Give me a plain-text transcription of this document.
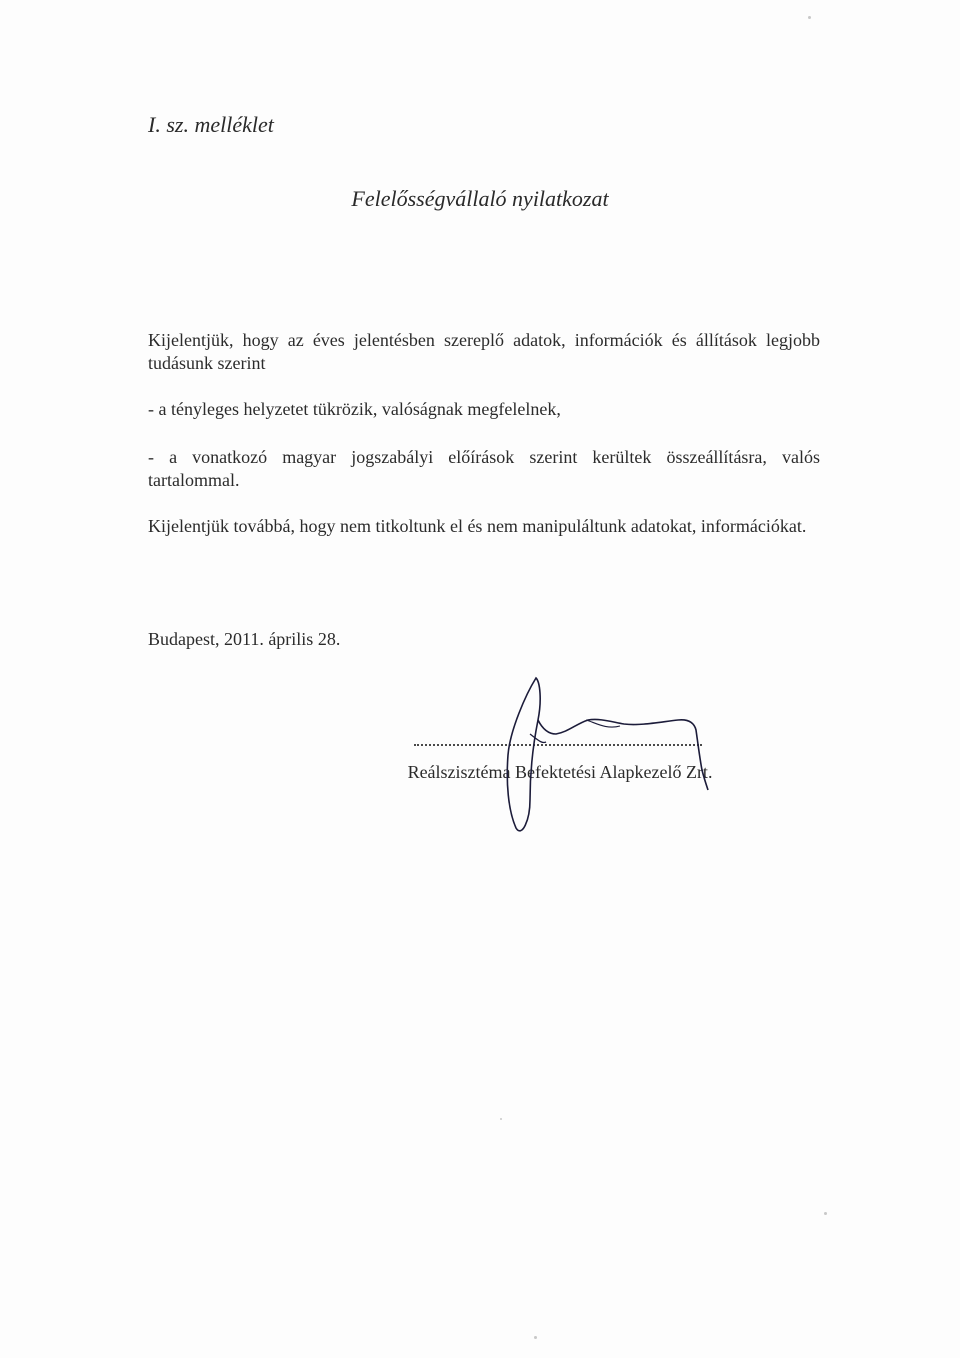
I. sz. melléklet
Felelősségvállaló nyilatkozat
Kijelentjük, hogy az éves jelentésben szereplő adatok, információk és állítások legjobb tudásunk szerint
- a tényleges helyzetet tükrözik, valóságnak megfelelnek,
- a vonatkozó magyar jogszabályi előírások szerint kerültek összeállításra, valós tartalommal.
Kijelentjük továbbá, hogy nem titkoltunk el és nem manipuláltunk adatokat, információkat.
Budapest, 2011. április 28.
Reálszisztéma Befektetési Alapkezelő Zrt.
